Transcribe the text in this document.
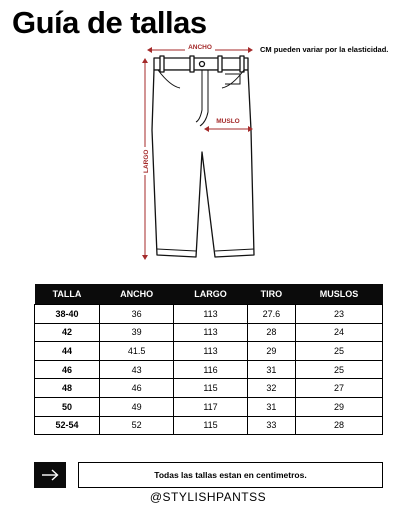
Guía de tallas
CM pueden variar por la elasticidad.
ANCHO
LARGO
MUSLO
TALLA	ANCHO	LARGO	TIRO	MUSLOS
38-40	36	113	27.6	23
42	39	113	28	24
44	41.5	113	29	25
46	43	116	31	25
48	46	115	32	27
50	49	117	31	29
52-54	52	115	33	28
Todas las tallas estan en centimetros.
@STYLISHPANTSS
